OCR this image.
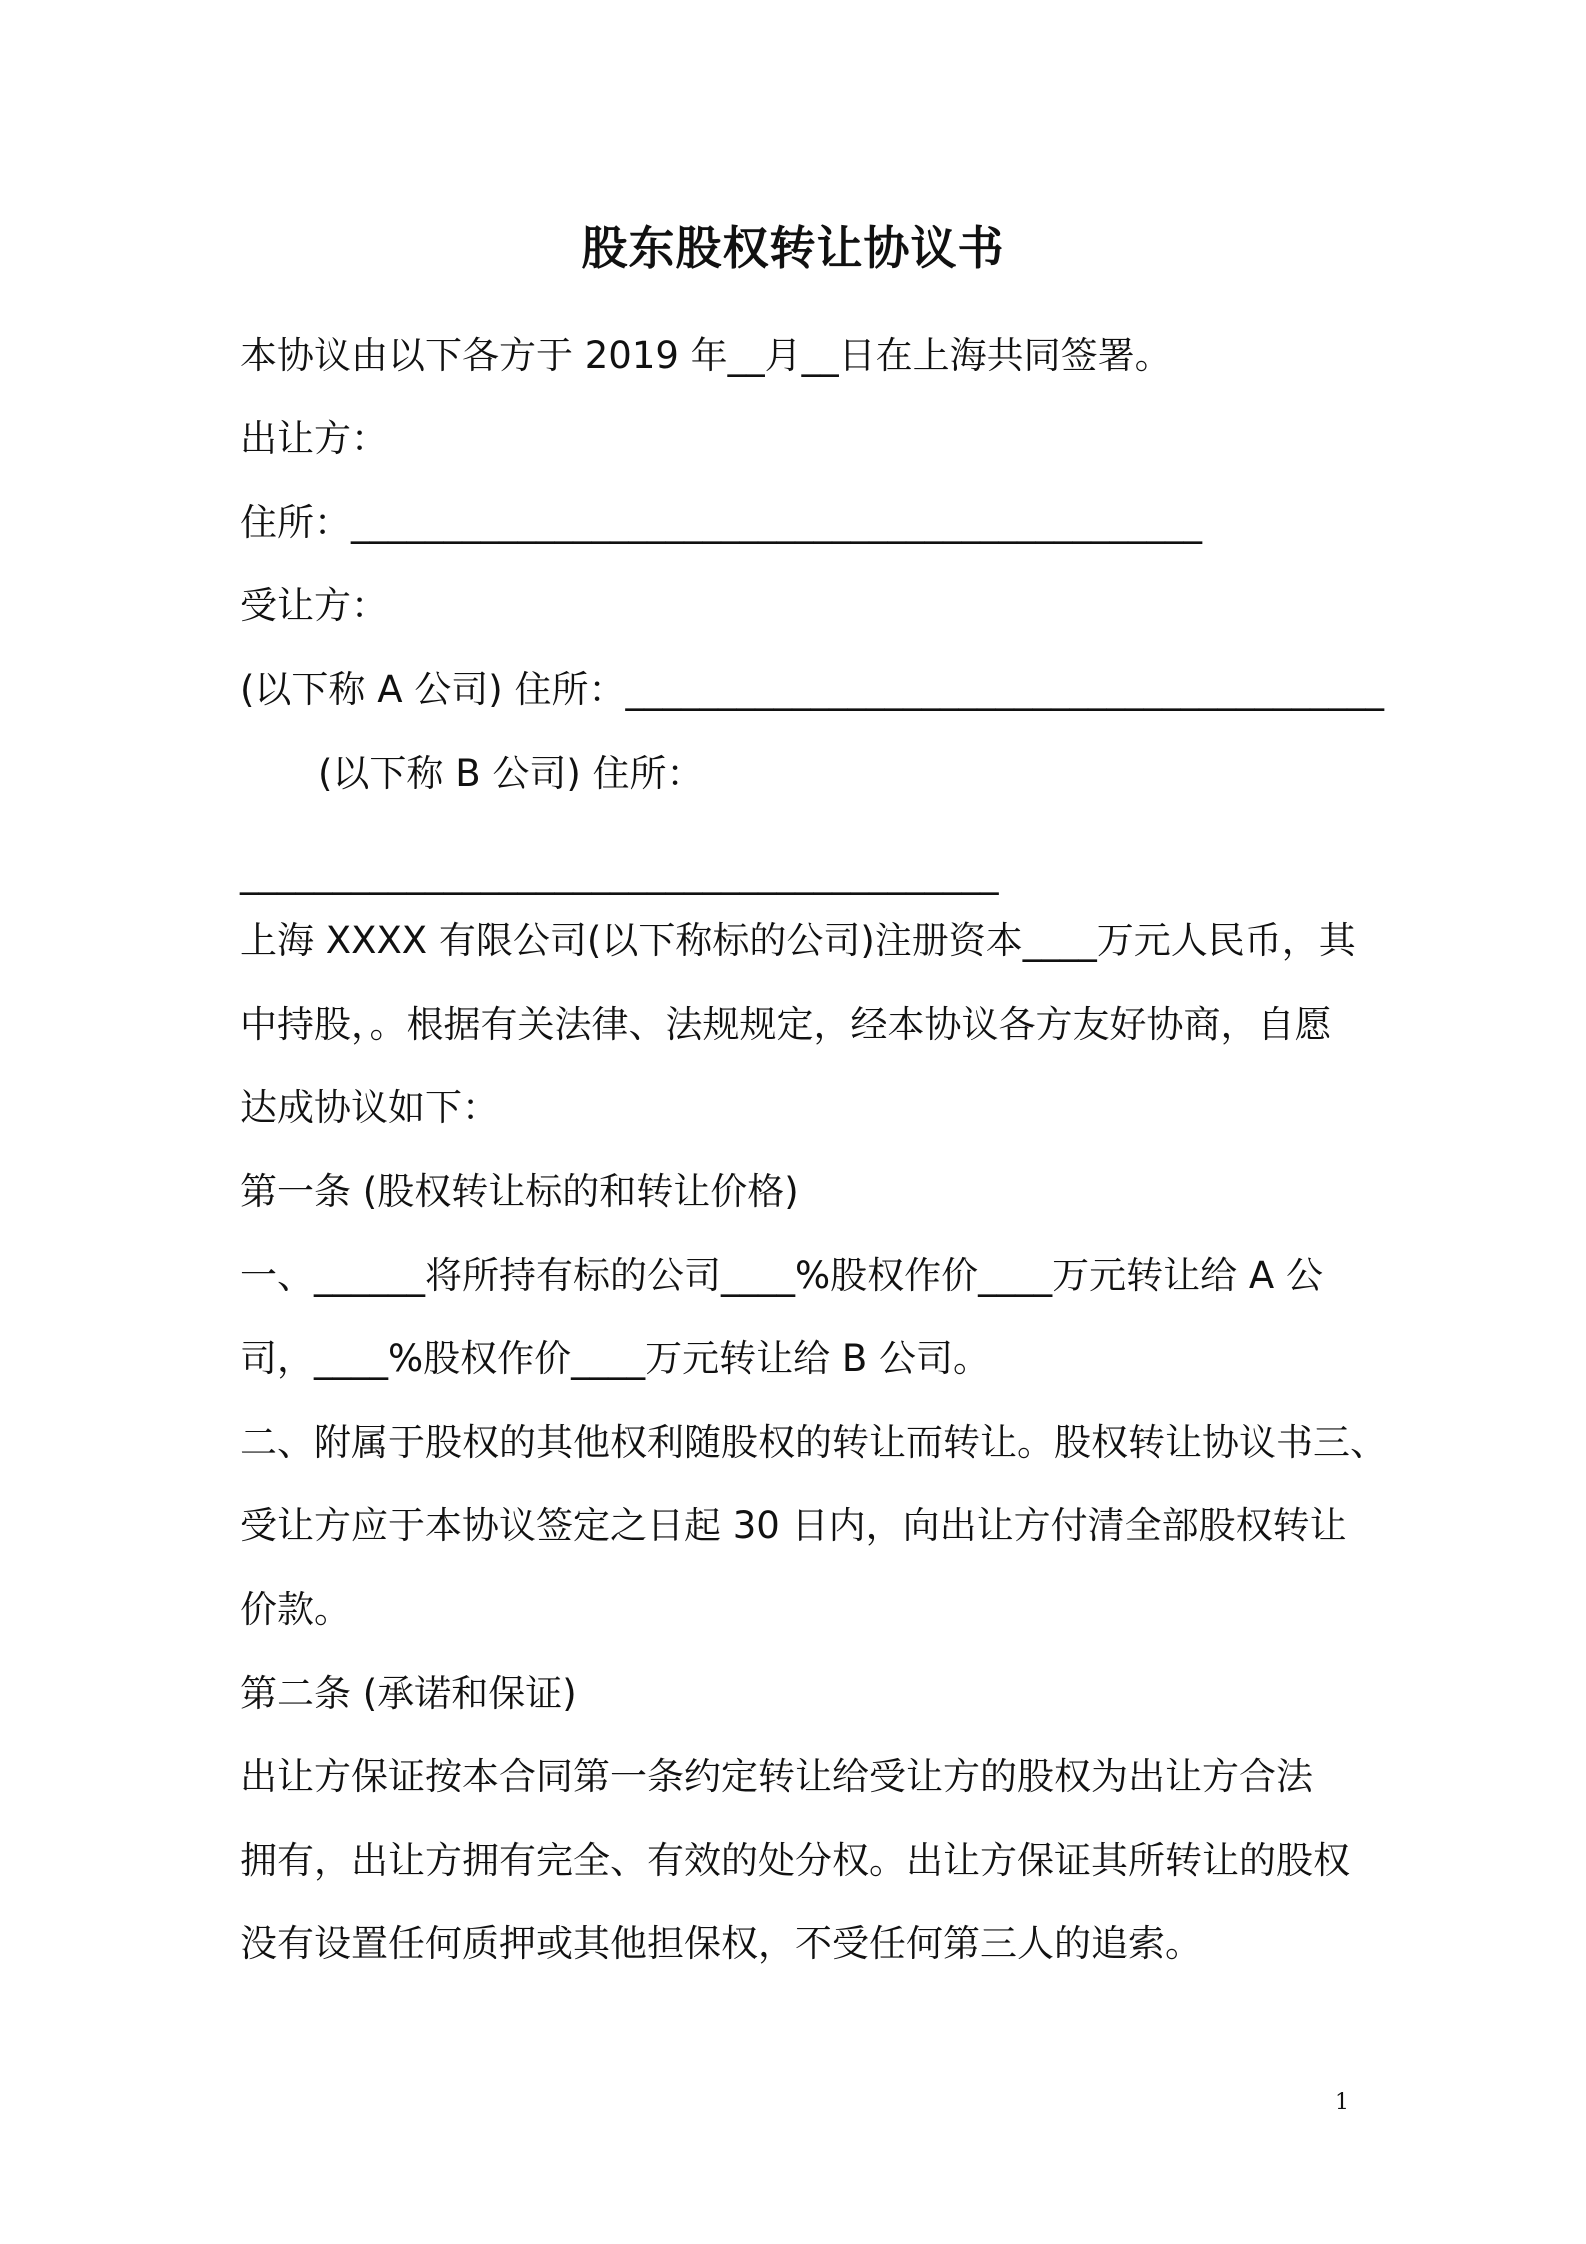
股东股权转让协议书
本协议由以下各方于 2019 年__月__日在上海共同签署。
出让方：
住所：______________________________________________
受让方：
(以下称 A 公司) 住所：_________________________________________
(以下称 B 公司) 住所：
_________________________________________
上海 XXXX 有限公司(以下称标的公司)注册资本____万元人民币，其
中持股，。根据有关法律、法规规定，经本协议各方友好协商，自愿
达成协议如下：
第一条 (股权转让标的和转让价格)
一、______将所持有标的公司____%股权作价____万元转让给 A 公
司，____%股权作价____万元转让给 B 公司。
二、附属于股权的其他权利随股权的转让而转让。股权转让协议书三、
受让方应于本协议签定之日起 30 日内，向出让方付清全部股权转让
价款。
第二条 (承诺和保证)
出让方保证按本合同第一条约定转让给受让方的股权为出让方合法
拥有，出让方拥有完全、有效的处分权。出让方保证其所转让的股权
没有设置任何质押或其他担保权，不受任何第三人的追索。
1
